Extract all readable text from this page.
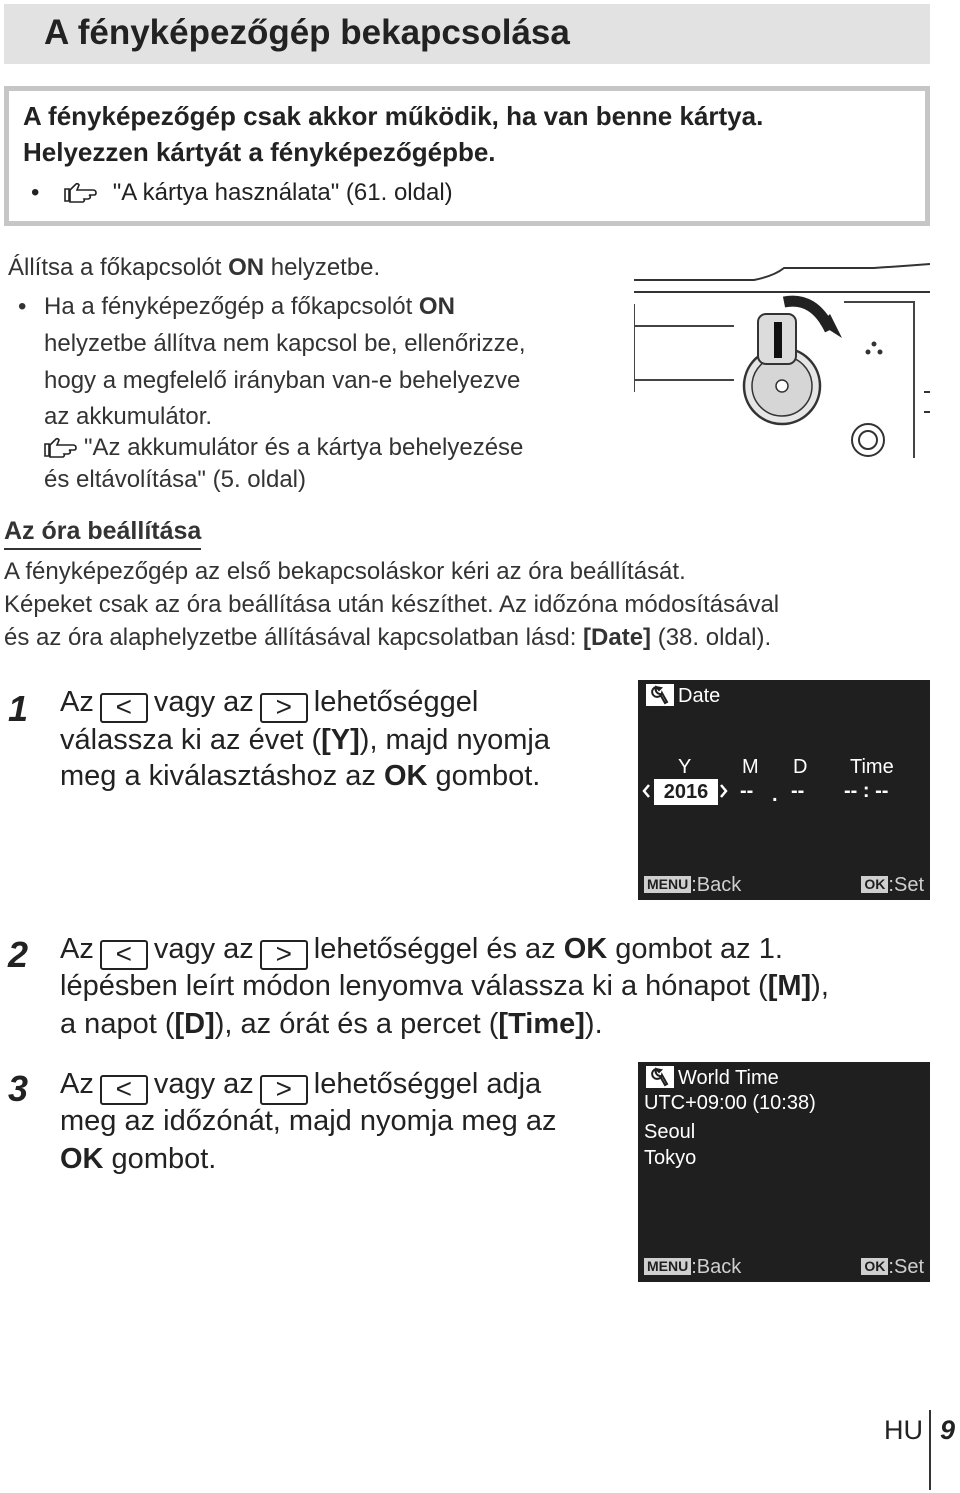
A fényképezőgép bekapcsolása
A fényképezőgép csak akkor működik, ha van benne kártya.
Helyezzen kártyát a fényképezőgépbe.
•	"A kártya használata" (61. oldal)
Állítsa a főkapcsolót ON helyzetbe.
• Ha a fényképezőgép a főkapcsolót ON
helyzetbe állítva nem kapcsol be, ellenőrizze,
hogy a megfelelő irányban van-e behelyezve
az akkumulátor.
"Az akkumulátor és a kártya behelyezése
és eltávolítása" (5. oldal)
Az óra beállítása
A fényképezőgép az első bekapcsoláskor kéri az óra beállítását.
Képeket csak az óra beállítása után készíthet. Az időzóna módosításával
és az óra alaphelyzetbe állításával kapcsolatban lásd: [Date] (38. oldal).
1 Az < vagy az > lehetőséggel
válassza ki az évet ([Y]), majd nyomja
meg a kiválasztáshoz az OK gombot.
Date
Y	M D Time
2016	-- . -- -- : --
MENU :Back	OK :Set
2 Az < vagy az > lehetőséggel és az OK gombot az 1.
lépésben leírt módon lenyomva válassza ki a hónapot ([M]),
a napot ([D]), az órát és a percet ([Time]).
3 Az < vagy az > lehetőséggel adja
meg az időzónát, majd nyomja meg az
OK gombot.
World Time
UTC+09:00 (10:38)
Seoul
Tokyo
MENU :Back	OK :Set
HU 9
